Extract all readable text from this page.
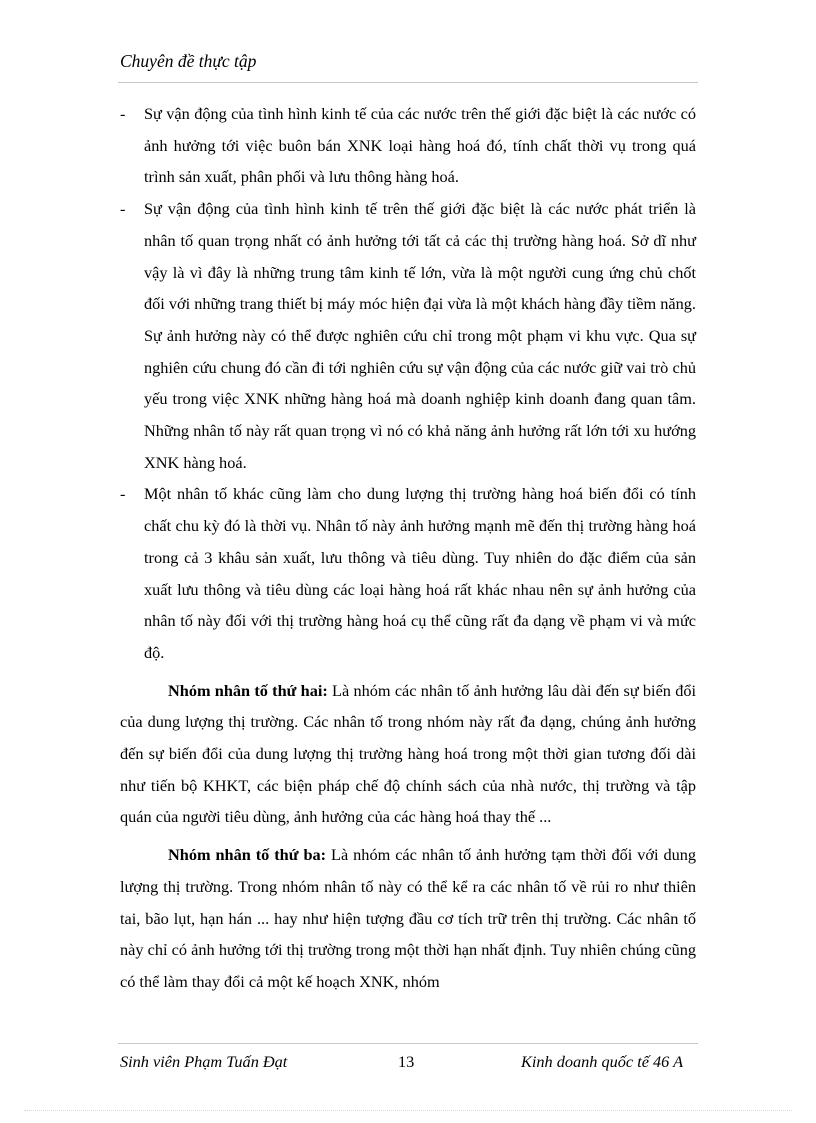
Chuyên đề thực tập
- Sự vận động của tình hình kinh tế của các nước trên thế giới đặc biệt là các nước có ảnh hưởng tới việc buôn bán XNK loại hàng hoá đó, tính chất thời vụ trong quá trình sản xuất, phân phối và lưu thông hàng hoá.
- Sự vận động của tình hình kinh tế trên thế giới đặc biệt là các nước phát triển là nhân tố quan trọng nhất có ảnh hưởng tới tất cả các thị trường hàng hoá. Sở dĩ như vậy là vì đây là những trung tâm kinh tế lớn, vừa là một người cung ứng chủ chốt đối với những trang thiết bị máy móc hiện đại vừa là một khách hàng đầy tiềm năng. Sự ảnh hưởng này có thể được nghiên cứu chỉ trong một phạm vi khu vực. Qua sự nghiên cứu chung đó cần đi tới nghiên cứu sự vận động của các nước giữ vai trò chủ yếu trong việc XNK những hàng hoá mà doanh nghiệp kinh doanh đang quan tâm. Những nhân tố này rất quan trọng vì nó có khả năng ảnh hưởng rất lớn tới xu hướng XNK hàng hoá.
- Một nhân tố khác cũng làm cho dung lượng thị trường hàng hoá biến đổi có tính chất chu kỳ đó là thời vụ. Nhân tố này ảnh hưởng mạnh mẽ đến thị trường hàng hoá trong cả 3 khâu sản xuất, lưu thông và tiêu dùng. Tuy nhiên do đặc điểm của sản xuất lưu thông và tiêu dùng các loại hàng hoá rất khác nhau nên sự ảnh hưởng của nhân tố này đối với thị trường hàng hoá cụ thể cũng rất đa dạng về phạm vi và mức độ.
Nhóm nhân tố thứ hai: Là nhóm các nhân tố ảnh hưởng lâu dài đến sự biến đổi của dung lượng thị trường. Các nhân tố trong nhóm này rất đa dạng, chúng ảnh hưởng đến sự biến đổi của dung lượng thị trường hàng hoá trong một thời gian tương đối dài như tiến bộ KHKT, các biện pháp chế độ chính sách của nhà nước, thị trường và tập quán của người tiêu dùng, ảnh hưởng của các hàng hoá thay thế ...
Nhóm nhân tố thứ ba: Là nhóm các nhân tố ảnh hưởng tạm thời đối với dung lượng thị trường. Trong nhóm nhân tố này có thể kể ra các nhân tố về rủi ro như thiên tai, bão lụt, hạn hán ... hay như hiện tượng đầu cơ tích trữ trên thị trường. Các nhân tố này chỉ có ảnh hưởng tới thị trường trong một thời hạn nhất định. Tuy nhiên chúng cũng có thể làm thay đổi cả một kế hoạch XNK, nhóm
Sinh viên Phạm Tuấn Đạt	13	Kinh doanh quốc tế 46 A
